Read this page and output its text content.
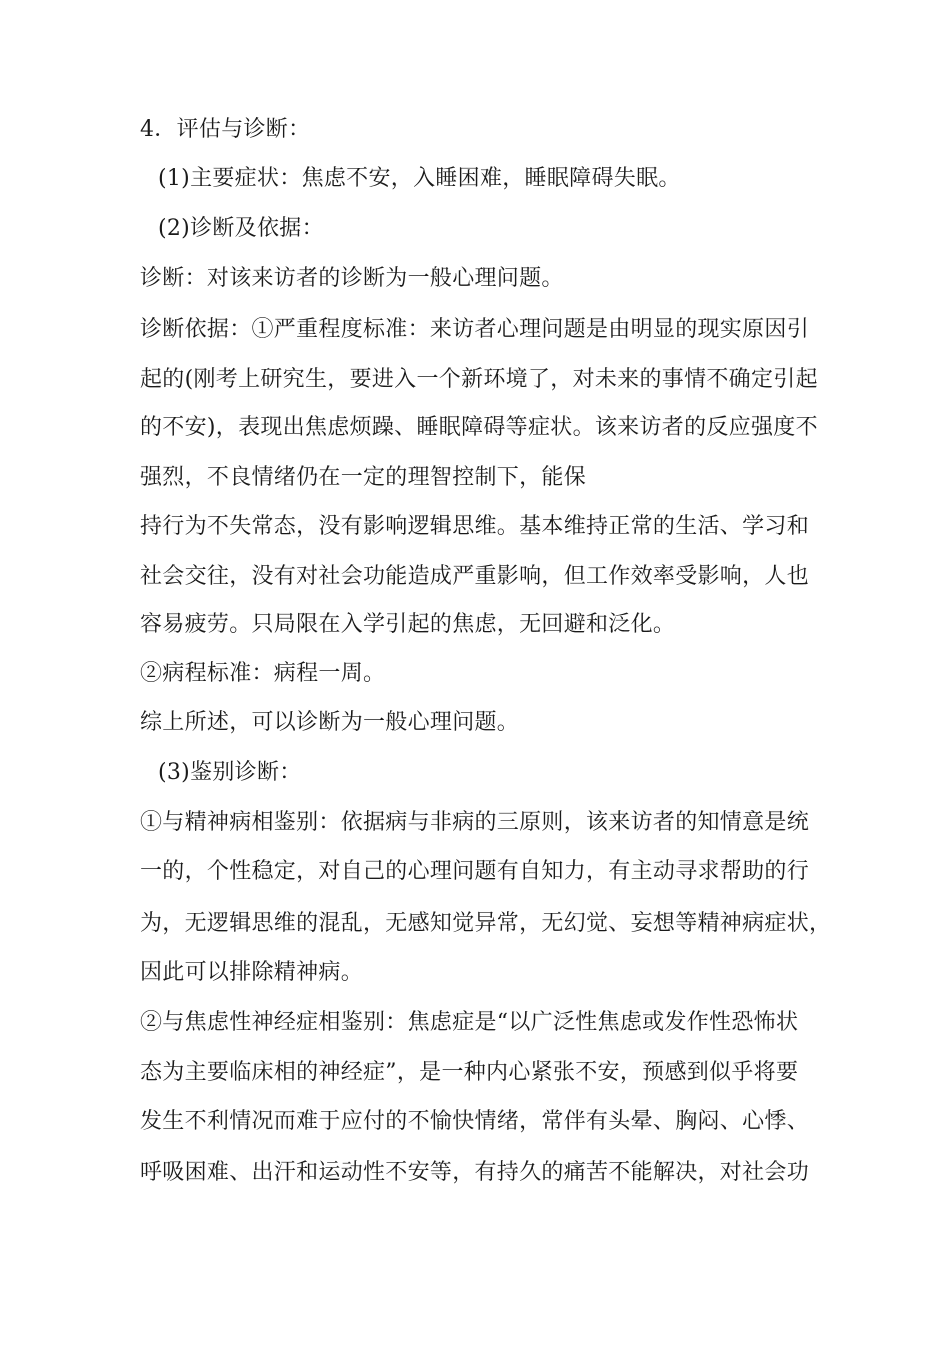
4．评估与诊断：
(1)主要症状：焦虑不安，入睡困难，睡眠障碍失眠。
(2)诊断及依据：
诊断：对该来访者的诊断为一般心理问题。
诊断依据：①严重程度标准：来访者心理问题是由明显的现实原因引
起的(刚考上研究生，要进入一个新环境了，对未来的事情不确定引起
的不安)，表现出焦虑烦躁、睡眠障碍等症状。该来访者的反应强度不
强烈，不良情绪仍在一定的理智控制下，能保
持行为不失常态，没有影响逻辑思维。基本维持正常的生活、学习和
社会交往，没有对社会功能造成严重影响，但工作效率受影响，人也
容易疲劳。只局限在入学引起的焦虑，无回避和泛化。
②病程标准：病程一周。
综上所述，可以诊断为一般心理问题。
(3)鉴别诊断：
①与精神病相鉴别：依据病与非病的三原则，该来访者的知情意是统
一的，个性稳定，对自己的心理问题有自知力，有主动寻求帮助的行
为，无逻辑思维的混乱，无感知觉异常，无幻觉、妄想等精神病症状，
因此可以排除精神病。
②与焦虑性神经症相鉴别：焦虑症是“以广泛性焦虑或发作性恐怖状
态为主要临床相的神经症”，是一种内心紧张不安，预感到似乎将要
发生不利情况而难于应付的不愉快情绪，常伴有头晕、胸闷、心悸、
呼吸困难、出汗和运动性不安等，有持久的痛苦不能解决，对社会功
